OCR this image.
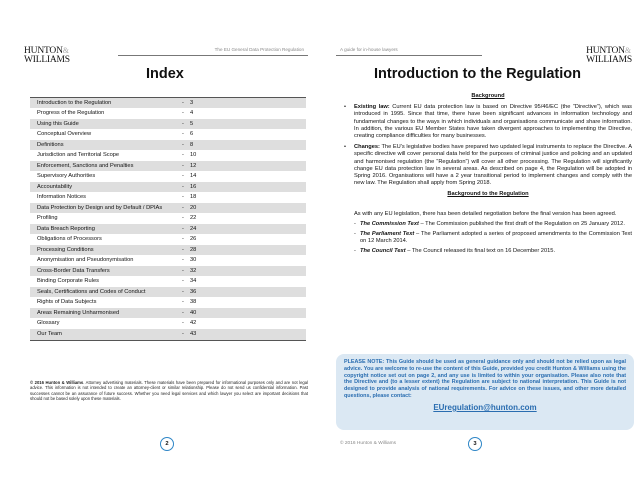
HUNTON&
WILLIAMS
The EU General Data Protection Regulation
Index
Introduction to the Regulation	-	3
Progress of the Regulation	-	4
Using this Guide	-	5
Conceptual Overview	-	6
Definitions	-	8
Jurisdiction and Territorial Scope	-	10
Enforcement, Sanctions and Penalties	-	12
Supervisory Authorities	-	14
Accountability	-	16
Information Notices	-	18
Data Protection by Design and by Default / DPIAs	-	20
Profiling	-	22
Data Breach Reporting	-	24
Obligations of Processors	-	26
Processing Conditions	-	28
Anonymisation and Pseudonymisation	-	30
Cross-Border Data Transfers	-	32
Binding Corporate Rules	-	34
Seals, Certifications and Codes of Conduct	-	36
Rights of Data Subjects	-	38
Areas Remaining Unharmonised	-	40
Glossary	-	42
Our Team	-	43
© 2016 Hunton & Williams. Attorney advertising materials. These materials have been prepared for informational purposes only and are not legal advice. This information is not intended to create an attorney-client or similar relationship. Please do not send us confidential information. Past successes cannot be an assurance of future success. Whether you need legal services and which lawyer you select are important decisions that should not be based solely upon these materials.
2
A guide for in-house lawyers	HUNTON&
WILLIAMS
Introduction to the Regulation
Background
• Existing law: Current EU data protection law is based on Directive 95/46/EC (the “Directive”), which was introduced in 1995. Since that time, there have been significant advances in information technology and fundamental changes to the ways in which individuals and organisations communicate and share information. In addition, the various EU Member States have taken divergent approaches to implementing the Directive, creating compliance difficulties for many businesses.
• Changes: The EU’s legislative bodies have prepared two updated legal instruments to replace the Directive. A specific directive will cover personal data held for the purposes of criminal justice and policing and an updated and harmonised regulation (the “Regulation”) will cover all other processing. The Regulation will significantly change EU data protection law in several areas. As described on page 4, the Regulation will be adopted in Spring 2016. Organisations will have a 2 year transitional period to implement changes and comply with the new law. The Regulation shall apply from Spring 2018.
Background to the Regulation
As with any EU legislation, there has been detailed negotiation before the final version has been agreed.
- The Commission Text – The Commission published the first draft of the Regulation on 25 January 2012.
- The Parliament Text – The Parliament adopted a series of proposed amendments to the Commission Text on 12 March 2014.
- The Council Text – The Council released its final text on 16 December 2015.
PLEASE NOTE: This Guide should be used as general guidance only and should not be relied upon as legal advice. You are welcome to re-use the content of this Guide, provided you credit Hunton & Williams using the copyright notice set out on page 2, and any use is limited to within your organisation. Please also note that the Directive and (to a lesser extent) the Regulation are subject to national interpretation. This Guide is not designed to provide analysis of national requirements. For advice on these issues, and other more detailed questions, please contact:
EUregulation@hunton.com
© 2016 Hunton & Williams	3
